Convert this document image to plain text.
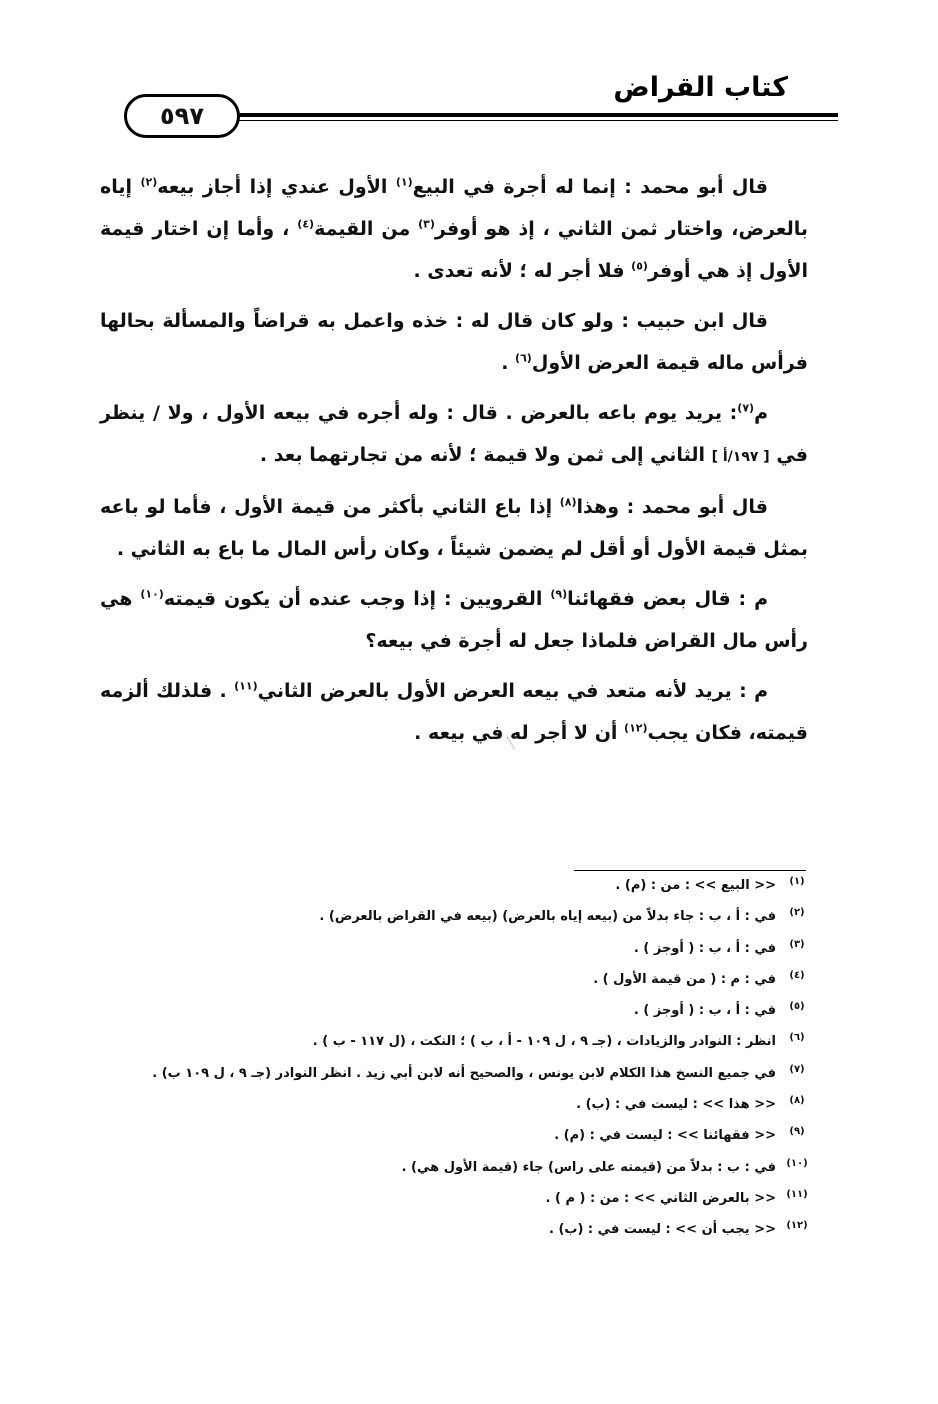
كتاب القراض
٥٩٧

قال أبو محمد : إنما له أجرة في البيع$^{(١)}$ الأول عندي إذا أجاز بيعه$^{(٢)}$ إياه بالعرض، واختار ثمن الثاني ، إذ هو أوفر$^{(٣)}$ من القيمة$^{(٤)}$ ، وأما إن اختار قيمة الأول إذ هي أوفر$^{(٥)}$ فلا أجر له ؛ لأنه تعدى .

قال ابن حبيب : ولو كان قال له : خذه واعمل به قراضاً والمسألة بحالها فرأس ماله قيمة العرض الأول$^{(٦)}$ .

م$^{(٧)}$: يريد يوم باعه بالعرض . قال : وله أجره في بيعه الأول ، ولا / ينظر في [ ١٩٧/أ ] الثاني إلى ثمن ولا قيمة ؛ لأنه من تجارتهما بعد .

قال أبو محمد : وهذا$^{(٨)}$ إذا باع الثاني بأكثر من قيمة الأول ، فأما لو باعه بمثل قيمة الأول أو أقل لم يضمن شيئاً ، وكان رأس المال ما باع به الثاني .

م : قال بعض فقهائنا$^{(٩)}$ القرويين : إذا وجب عنده أن يكون قيمته$^{(١٠)}$ هي رأس مال القراض فلماذا جعل له أجرة في بيعه؟

م : يريد لأنه متعد في بيعه العرض الأول بالعرض الثاني$^{(١١)}$ . فلذلك ألزمه قيمته، فكان يجب$^{(١٢)}$ أن لا أجر له في بيعه .

(١)
<< البيع >> : من : (م) .
(٢)
في : أ ، ب : جاء بدلاً من (بيعه إياه بالعرض) (بيعه في القراض بالعرض) .
(٣)
في : أ ، ب : ( أوجز ) .
(٤)
في : م : ( من قيمة الأول ) .
(٥)
في : أ ، ب : ( أوجز ) .
(٦)
انظر : النوادر والزيادات ، (جـ ٩ ، ل ١٠٩ - أ ، ب ) ؛ النكت ، (ل ١١٧ - ب ) .
(٧)
في جميع النسخ هذا الكلام لابن يونس ، والصحيح أنه لابن أبي زيد . انظر النوادر (جـ ٩ ، ل ١٠٩ ب) .
(٨)
<< هذا >> : ليست في : (ب) .
(٩)
<< فقهائنا >> : ليست في : (م) .
(١٠)
في : ب : بدلاً من (قيمته على راس) جاء (قيمة الأول هي) .
(١١)
<< بالعرض الثاني >> : من : ( م ) .
(١٢)
<< يجب أن >> : ليست في : (ب) .
